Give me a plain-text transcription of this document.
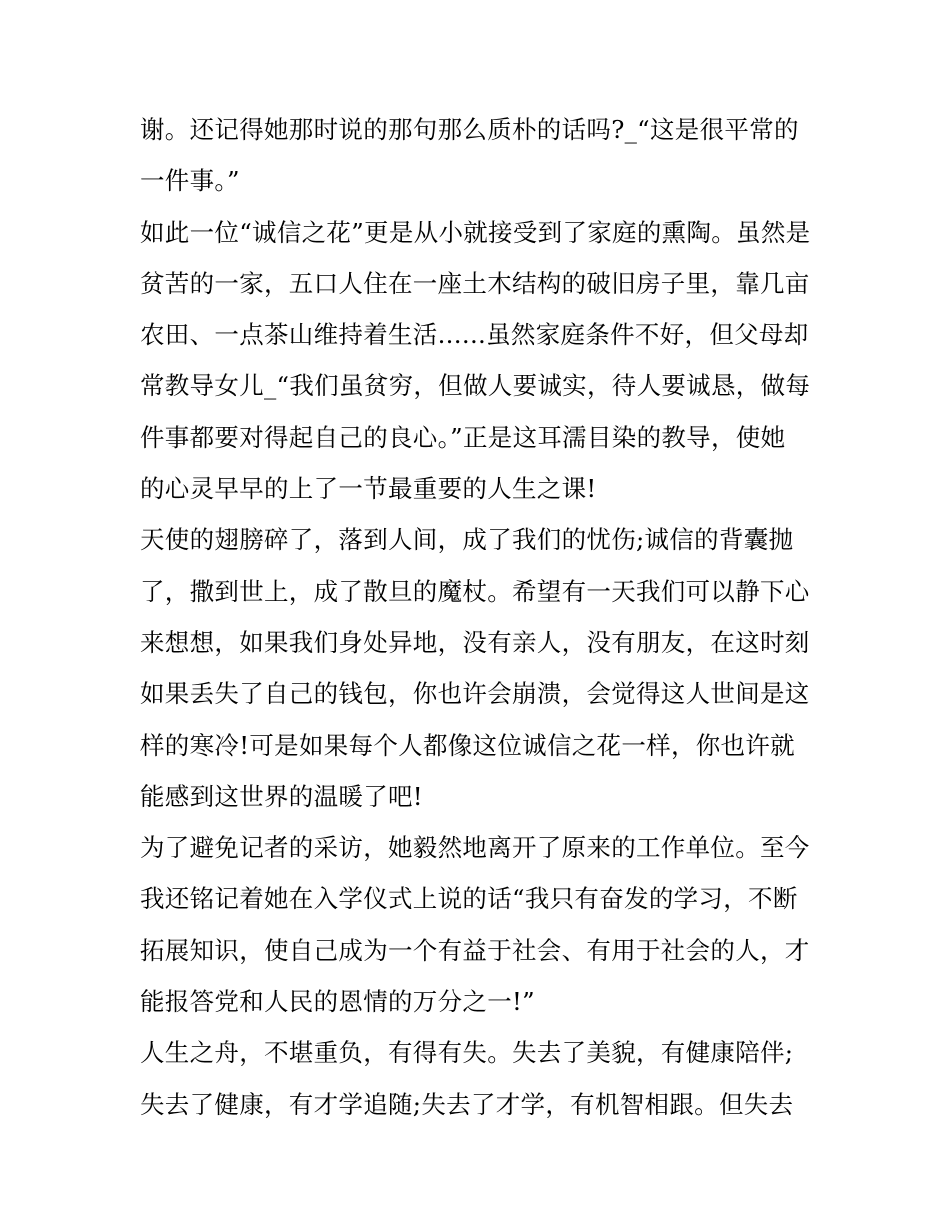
谢。还记得她那时说的那句那么质朴的话吗?_“这是很平常的
一件事。”
如此一位“诚信之花”更是从小就接受到了家庭的熏陶。虽然是
贫苦的一家，五口人住在一座土木结构的破旧房子里，靠几亩
农田、一点茶山维持着生活......虽然家庭条件不好，但父母却
常教导女儿_“我们虽贫穷，但做人要诚实，待人要诚恳，做每
件事都要对得起自己的良心。”正是这耳濡目染的教导，使她
的心灵早早的上了一节最重要的人生之课!
天使的翅膀碎了，落到人间，成了我们的忧伤;诚信的背囊抛
了，撒到世上，成了散旦的魔杖。希望有一天我们可以静下心
来想想，如果我们身处异地，没有亲人，没有朋友，在这时刻
如果丢失了自己的钱包，你也许会崩溃，会觉得这人世间是这
样的寒冷!可是如果每个人都像这位诚信之花一样，你也许就
能感到这世界的温暖了吧!
为了避免记者的采访，她毅然地离开了原来的工作单位。至今
我还铭记着她在入学仪式上说的话“我只有奋发的学习，不断
拓展知识，使自己成为一个有益于社会、有用于社会的人，才
能报答党和人民的恩情的万分之一!”
人生之舟，不堪重负，有得有失。失去了美貌，有健康陪伴;
失去了健康，有才学追随;失去了才学，有机智相跟。但失去
